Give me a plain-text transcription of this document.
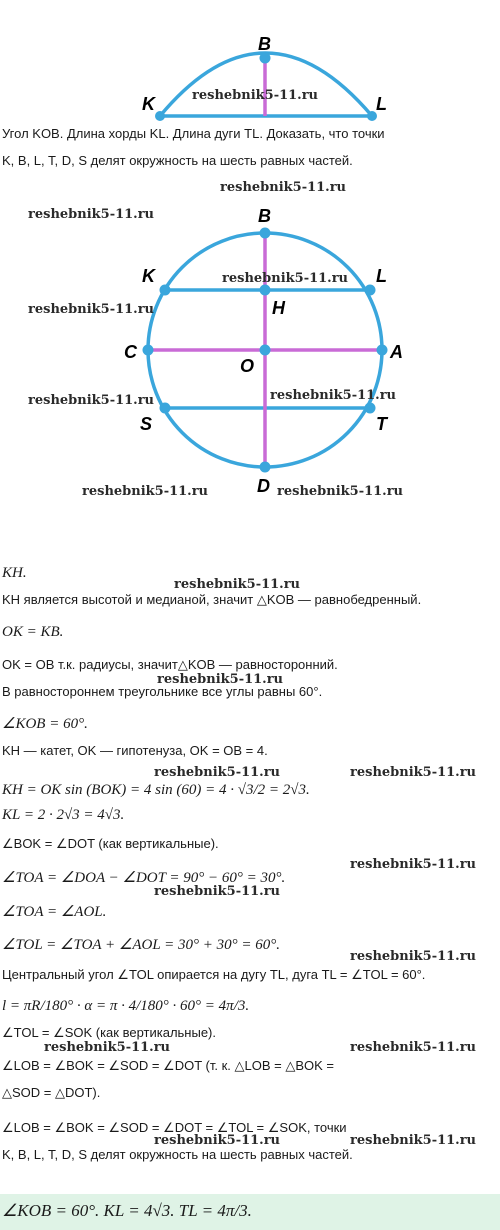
B
K	L
B
K	L
H
C	A
O
S	T
D
reshebnik5-11.ru
reshebnik5-11.ru
reshebnik5-11.ru
reshebnik5-11.ru
reshebnik5-11.ru
reshebnik5-11.ru	reshebnik5-11.ru
reshebnik5-11.ru	reshebnik5-11.ru
reshebnik5-11.ru
reshebnik5-11.ru
reshebnik5-11.ru	reshebnik5-11.ru
reshebnik5-11.ru
reshebnik5-11.ru
reshebnik5-11.ru
reshebnik5-11.ru	reshebnik5-11.ru
reshebnik5-11.ru	reshebnik5-11.ru
Угол KOB. Длина хорды KL. Длина дуги TL. Доказать, что точки
K, B, L, T, D, S делят окружность на шесть равных частей.
KH.
KH является высотой и медианой, значит △KOB — равнобедренный.
OK = KB.
OK = OB т.к. радиусы, значит△KOB — равносторонний.
В равностороннем треугольнике все углы равны 60°.
∠KOB = 60°.
KH — катет, OK — гипотенуза, OK = OB = 4.
KH = OK sin (BOK) = 4 sin (60) = 4 · √3/2 = 2√3.
KL = 2 · 2√3 = 4√3.
∠BOK = ∠DOT (как вертикальные).
∠TOA = ∠DOA − ∠DOT = 90° − 60° = 30°.
∠TOA = ∠AOL.
∠TOL = ∠TOA + ∠AOL = 30° + 30° = 60°.
Центральный угол ∠TOL опирается на дугу TL, дуга TL = ∠TOL = 60°.
l = πR/180° · α = π · 4/180° · 60° = 4π/3.
∠TOL = ∠SOK (как вертикальные).
∠LOB = ∠BOK = ∠SOD = ∠DOT (т. к. △LOB = △BOK =
△SOD = △DOT).
∠LOB = ∠BOK = ∠SOD = ∠DOT = ∠TOL = ∠SOK, точки
K, B, L, T, D, S делят окружность на шесть равных частей.
∠KOB = 60°. KL = 4√3. TL = 4π/3.
